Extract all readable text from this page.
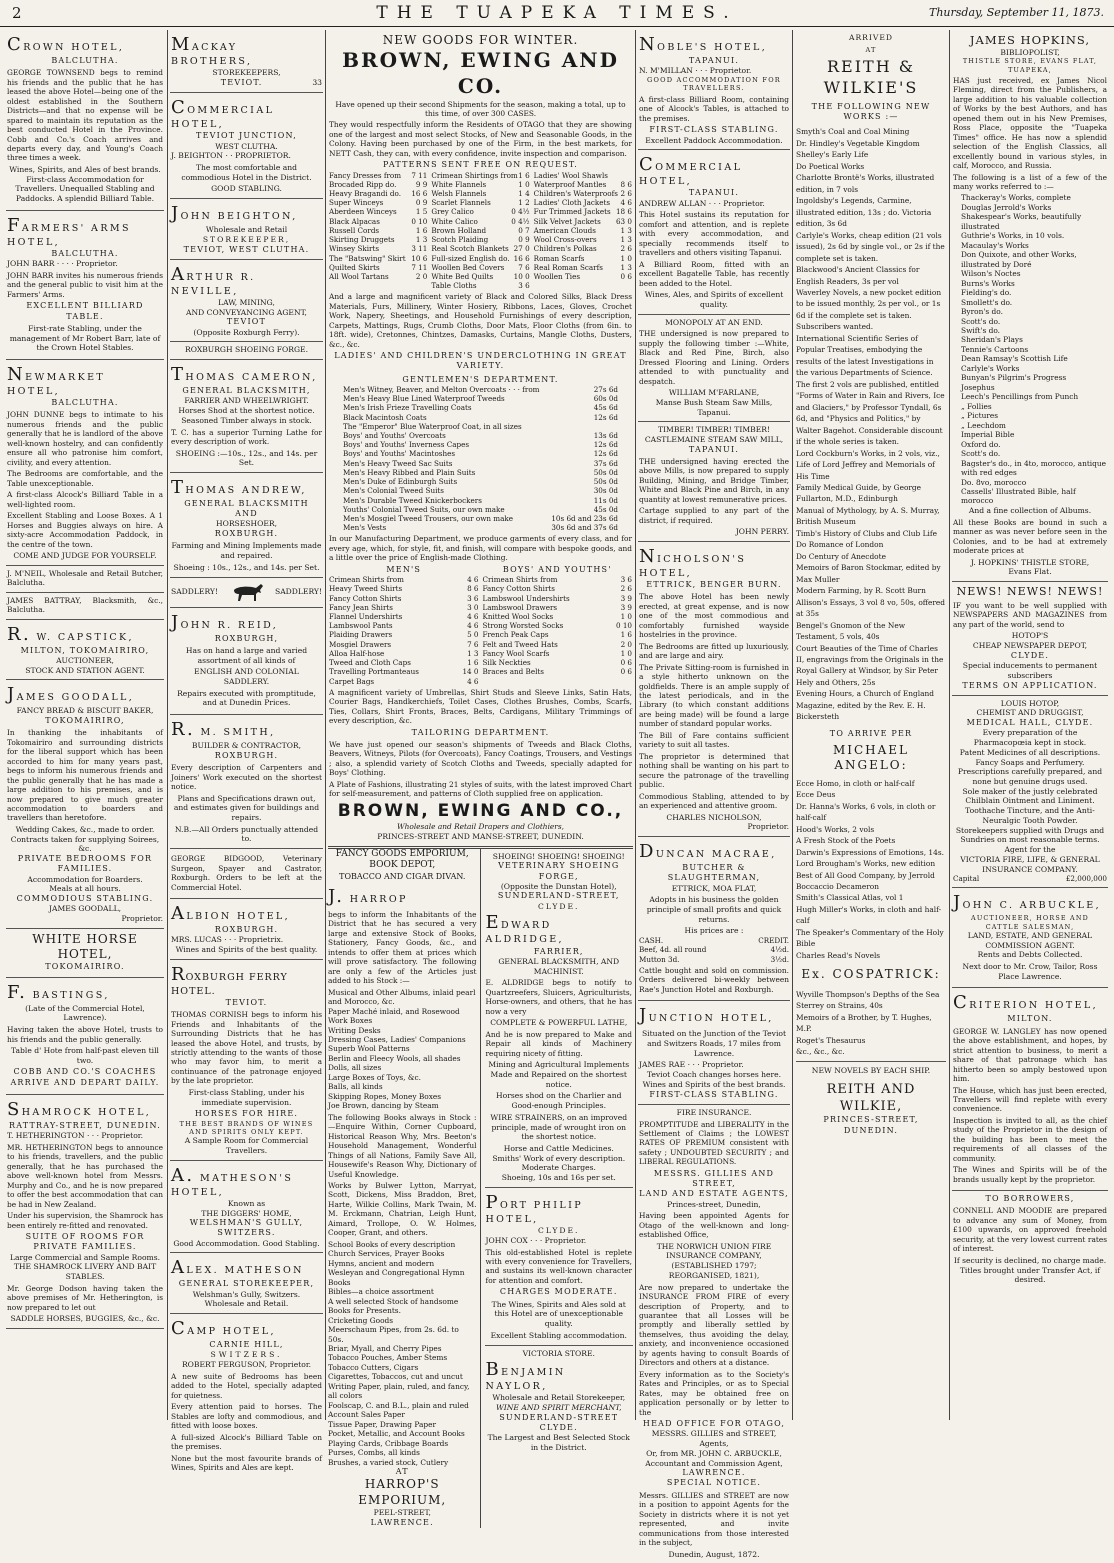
2	THE TUAPEKA TIMES.	Thursday, September 11, 1873.
CROWN HOTEL,
BALCLUTHA.

GEORGE TOWNSEND begs to remind his friends and the public that he has leased the above Hotel—being one of the oldest established in the Southern Districts—and that no expense will be spared to maintain its reputation as the best conducted Hotel in the Province. Cobb and Co.'s Coach arrives and departs every day, and Young's Coach three times a week.

Wines, Spirits, and Ales of best brands. First-class Accommodation for Travellers. Unequalled Stabling and Paddocks. A splendid Billiard Table.

FARMERS' ARMS HOTEL,
BALCLUTHA.
JOHN BARR · · · · Proprietor.

JOHN BARR invites his numerous friends and the general public to visit him at the Farmers' Arms.

EXCELLENT BILLIARD TABLE.

First-rate Stabling, under the management of Mr Robert Barr, late of the Crown Hotel Stables.

NEWMARKET HOTEL,
BALCLUTHA.

JOHN DUNNE begs to intimate to his numerous friends and the public generally that he is landlord of the above well-known hostelry, and can confidently ensure all who patronise him comfort, civility, and every attention.

The Bedrooms are comfortable, and the Table unexceptionable.

A first-class Alcock's Billiard Table in a well-lighted room.

Excellent Stabling and Loose Boxes. A 1 Horses and Buggies always on hire. A sixty-acre Accommodation Paddock, in the centre of the town.

COME AND JUDGE FOR YOURSELF.
J. M'NEIL, Wholesale and Retail Butcher, Balclutha.
JAMES BATTRAY, Blacksmith, &c., Balclutha.
R. W. CAPSTICK,
MILTON, TOKOMAIRIRO,
AUCTIONEER,
STOCK AND STATION AGENT.
JAMES GOODALL,
FANCY BREAD & BISCUIT BAKER,
TOKOMAIRIRO,

In thanking the inhabitants of Tokomairiro and surrounding districts for the liberal support which has been accorded to him for many years past, begs to inform his numerous friends and the public generally that he has made a large addition to his premises, and is now prepared to give much greater accommodation to boarders and travellers than heretofore.

Wedding Cakes, &c., made to order.
Contracts taken for supplying Soirees, &c.
PRIVATE BEDROOMS FOR FAMILIES.
Accommodation for Boarders.
Meals at all hours.
COMMODIOUS STABLING.
JAMES GOODALL,
Proprietor.
WHITE HORSE HOTEL,
TOKOMAIRIRO.
F. BASTINGS,
(Late of the Commercial Hotel, Lawrence).

Having taken the above Hotel, trusts to his friends and the public generally.

Table d' Hote from half-past eleven till two.

COBB AND CO.'S COACHES ARRIVE AND DEPART DAILY.

SHAMROCK HOTEL,
RATTRAY-STREET, DUNEDIN.
T. HETHERINGTON · · · Proprietor.

MR. HETHERINGTON begs to announce to his friends, travellers, and the public generally, that he has purchased the above well-known hotel from Messrs. Murphy and Co., and he is now prepared to offer the best accommodation that can be had in New Zealand.

Under his supervision, the Shamrock has been entirely re-fitted and renovated.

SUITE OF ROOMS FOR PRIVATE FAMILIES.
Large Commercial and Sample Rooms.
THE SHAMROCK LIVERY AND BAIT STABLES.

Mr. George Dodson having taken the above premises of Mr. Hetherington, is now prepared to let out

SADDLE HORSES, BUGGIES, &c., &c.
MACKAY BROTHERS,
STOREKEEPERS,
TEVIOT.	33
COMMERCIAL HOTEL,
TEVIOT JUNCTION,
WEST CLUTHA.
J. BEIGHTON · · PROPRIETOR.

The most comfortable and commodious Hotel in the District.

GOOD STABLING.
JOHN BEIGHTON,
Wholesale and Retail
STOREKEEPER,
TEVIOT, WEST CLUTHA.
ARTHUR R. NEVILLE,
LAW, MINING,
AND CONVEYANCING AGENT,
TEVIOT
(Opposite Roxburgh Ferry).
ROXBURGH SHOEING FORGE.
THOMAS CAMERON,
GENERAL BLACKSMITH,
FARRIER AND WHEELWRIGHT.
Horses Shod at the shortest notice.
Seasoned Timber always in stock.

T. C. has a superior Turning Lathe for every description of work.

SHOEING :—10s., 12s., and 14s. per Set.
THOMAS ANDREW,
GENERAL BLACKSMITH AND
HORSESHOER,
ROXBURGH.

Farming and Mining Implements made and repaired.

Shoeing : 10s., 12s., and 14s. per Set.
SADDLERY!	SADDLERY!
JOHN R. REID,
ROXBURGH,

Has on hand a large and varied assortment of all kinds of

ENGLISH AND COLONIAL SADDLERY.

Repairs executed with promptitude, and at Dunedin Prices.

R. M. SMITH,
BUILDER & CONTRACTOR,
ROXBURGH.

Every description of Carpenters and Joiners' Work executed on the shortest notice.

Plans and Specifications drawn out, and estimates given for buildings and repairs.

N.B.—All Orders punctually attended to.

GEORGE BIDGOOD, Veterinary Surgeon, Spayer and Castrator, Roxburgh. Orders to be left at the Commercial Hotel.

ALBION HOTEL,
ROXBURGH.
MRS. LUCAS · · · Proprietrix.
Wines and Spirits of the best quality.
ROXBURGH FERRY HOTEL.
TEVIOT.

THOMAS CORNISH begs to inform his Friends and Inhabitants of the Surrounding Districts that he has leased the above Hotel, and trusts, by strictly attending to the wants of those who may favor him, to merit a continuance of the patronage enjoyed by the late proprietor.

First-class Stabling, under his immediate supervision.

HORSES FOR HIRE.
THE BEST BRANDS OF WINES AND SPIRITS ONLY KEPT.
A Sample Room for Commercial Travellers.
A. MATHESON'S HOTEL,
Known as
THE DIGGERS' HOME,
WELSHMAN'S GULLY, SWITZERS.
Good Accommodation. Good Stabling.
ALEX. MATHESON
GENERAL STOREKEEPER,
Welshman's Gully, Switzers.
Wholesale and Retail.
CAMP HOTEL,
CARNIE HILL,
SWITZERS.
ROBERT FERGUSON, Proprietor.

A new suite of Bedrooms has been added to the Hotel, specially adapted for quietness.

Every attention paid to horses. The Stables are lofty and commodious, and fitted with loose boxes.

A full-sized Alcock's Billiard Table on the premises.

None but the most favourite brands of Wines, Spirits and Ales are kept.

NEW GOODS FOR WINTER.
BROWN, EWING AND CO.
Have opened up their second Shipments for the season, making a total, up to this time, of over 300 CASES.

They would respectfully inform the Residents of OTAGO that they are showing one of the largest and most select Stocks, of New and Seasonable Goods, in the Colony. Having been purchased by one of the Firm, in the best markets, for NETT Cash, they can, with every confidence, invite inspection and comparison.

PATTERNS SENT FREE ON REQUEST.
Fancy Dresses from 7 11
Brocaded Ripp do.	9 9
Heavy Bragandi do. 16 6
Super Winceys	0 9
Aberdeen Winceys	1 5
Black Alpacas	0 10
Russell Cords	1 6
Skirting Druggets	1 3
Winsey Skirts	3 11
The "Batswing" Skirt 10 6
Quilted Skirts	7 11
All Wool Tartans	2 0
Crimean Shirtings from 1 6
White Flannels	1 0
Welsh Flannels	1 4
Scarlet Flannels	1 2
Grey Calico	0 4½
White Calico	0 4½
Brown Holland	0 7
Scotch Plaiding	0 9
Real Scotch Blankets 27 0
Full-sized English do. 16 6
Woollen Bed Covers 7 6
White Bed Quilts	10 0
Table Cloths	3 6
Ladies' Wool Shawls
Waterproof Mantles 8 6
Children's Waterproofs 2 6
Ladies' Cloth Jackets 4 6
Fur Trimmed Jackets 18 6
Silk Velvet Jackets 63 0
American Clouds	1 3
Wool Cross-overs	1 3
Children's Polkas	2 6
Roman Scarfs	1 0
Real Roman Scarfs 1 3
Woollen Ties	0 6

And a large and magnificent variety of Black and Colored Silks, Black Dress Materials, Furs, Millinery, Winter Hosiery, Ribbons, Laces, Gloves, Crochet Work, Napery, Sheetings, and Household Furnishings of every description, Carpets, Mattings, Rugs, Crumb Cloths, Door Mats, Floor Cloths (from 6in. to 18ft. wide), Cretonnes, Chintzes, Damasks, Curtains, Mangle Cloths, Dusters, &c., &c.

LADIES' AND CHILDREN'S UNDERCLOTHING IN GREAT VARIETY.
GENTLEMEN'S DEPARTMENT.
Men's Witney, Beaver, and Melton Overcoats · · · from	27s 6d
Men's Heavy Blue Lined Waterproof Tweeds	60s 0d
Men's Irish Frieze Travelling Coats	45s 6d
Black Macintosh Coats	12s 6d
The "Emperor" Blue Waterproof Coat, in all sizes
Boys' and Youths' Overcoats	13s 6d
Boys' and Youths' Inverness Capes	12s 6d
Boys' and Youths' Macintoshes	12s 6d
Men's Heavy Tweed Sac Suits	37s 6d
Men's Heavy Ribbed and Plain Suits	50s 0d
Men's Duke of Edinburgh Suits	50s 0d
Men's Colonial Tweed Suits	30s 0d
Men's Durable Tweed Knickerbockers	11s 0d
Youths' Colonial Tweed Suits, our own make	45s 0d
Men's Mosgiel Tweed Trousers, our own make	10s 6d and 23s 6d
Men's Vests	30s 6d and 37s 6d

In our Manufacturing Department, we produce garments of every class, and for every age, which, for style, fit, and finish, will compare with bespoke goods, and a little over the price of English-made Clothing.

MEN'S
Crimean Shirts from	4 6
Heavy Tweed Shirts	8 6
Fancy Cotton Shirts	3 6
Fancy Jean Shirts	3 0
Flannel Undershirts	4 6
Lambswool Pants	4 6
Plaiding Drawers	5 0
Mosgiel Drawers	7 6
Alloa Half-hose	1 3
Tweed and Cloth Caps	1 6
Travelling Portmanteaus	14 0
Carpet Bags	4 6
BOYS' AND YOUTHS'
Crimean Shirts from	3 6
Fancy Cotton Shirts	2 6
Lambswool Undershirts	3 9
Lambswool Drawers	3 9
Knitted Wool Socks	1 0
Strong Worsted Socks	0 10
French Peak Caps	1 6
Felt and Tweed Hats	2 0
Fancy Wool Scarfs	1 0
Silk Neckties	0 6
Braces and Belts	0 6

A magnificent variety of Umbrellas, Shirt Studs and Sleeve Links, Satin Hats, Courier Bags, Handkerchiefs, Toilet Cases, Clothes Brushes, Combs, Scarfs, Ties, Collars, Shirt Fronts, Braces, Belts, Cardigans, Military Trimmings of every description, &c.

TAILORING DEPARTMENT.

We have just opened our season's shipments of Tweeds and Black Cloths, Beavers, Witneys, Pilots (for Overcoats), Fancy Coatings, Trousers, and Vestings ; also, a splendid variety of Scotch Cloths and Tweeds, specially adapted for Boys' Clothing.

A Plate of Fashions, illustrating 21 styles of suits, with the latest improved Chart for self-measurement, and patterns of Cloth supplied free on application.

BROWN, EWING AND CO.,
Wholesale and Retail Drapers and Clothiers,
PRINCES-STREET AND MANSE-STREET, DUNEDIN.
FANCY GOODS EMPORIUM,
BOOK DEPOT,
TOBACCO AND CIGAR DIVAN.
J. HARROP

begs to inform the Inhabitants of the District that he has secured a very large and extensive Stock of Books, Stationery, Fancy Goods, &c., and intends to offer them at prices which will prove satisfactory. The following are only a few of the Articles just added to his Stock :—

Musical and Other Albums, inlaid pearl and Morocco, &c.
Paper Maché inlaid, and Rosewood Work Boxes
Writing Desks
Dressing Cases, Ladies' Companions
Superb Wool Patterns
Berlin and Fleecy Wools, all shades
Dolls, all sizes
Large Boxes of Toys, &c.
Balls, all kinds
Skipping Ropes, Money Boxes
Joe Brown, dancing by Steam

The following Books always in Stock :—Enquire Within, Corner Cupboard, Historical Reason Why, Mrs. Beeton's Household Management, Wonderful Things of all Nations, Family Save All, Housewife's Reason Why, Dictionary of Useful Knowledge.

Works by Bulwer Lytton, Marryat, Scott, Dickens, Miss Braddon, Bret, Harte, Wilkie Collins, Mark Twain, M. M. Erckmann, Chatrian, Leigh Hunt, Aimard, Trollope, O. W. Holmes, Cooper, Grant, and others.

School Books of every description
Church Services, Prayer Books
Hymns, ancient and modern
Wesleyan and Congregational Hymn Books
Bibles—a choice assortment
A well selected Stock of handsome Books for Presents.
Cricketing Goods
Meerschaum Pipes, from 2s. 6d. to 50s.
Briar, Myall, and Cherry Pipes
Tobacco Pouches, Amber Stems
Tobacco Cutters, Cigars
Cigarettes, Tobaccos, cut and uncut
Writing Paper, plain, ruled, and fancy, all colors
Foolscap, C. and B.L., plain and ruled
Account Sales Paper
Tissue Paper, Drawing Paper
Pocket, Metallic, and Account Books
Playing Cards, Cribbage Boards
Purses, Combs, all kinds
Brushes, a varied stock, Cutlery
AT
HARROP'S EMPORIUM,
PEEL-STREET,
LAWRENCE.
SHOEING! SHOEING! SHOEING!
VETERINARY SHOEING FORGE,
(Opposite the Dunstan Hotel),
SUNDERLAND-STREET,
CLYDE.
EDWARD ALDRIDGE,
FARRIER,
GENERAL BLACKSMITH, AND
MACHINIST.

E. ALDRIDGE begs to notify to Quartzreefers, Sluicers, Agriculturists, Horse-owners, and others, that he has now a very

COMPLETE & POWERFUL LATHE,

And he is now prepared to Make and Repair all kinds of Machinery requiring nicety of fitting.

Mining and Agricultural Implements Made and Repaired on the shortest notice.

Horses shod on the Charlier and Good-enough Principles.

WIRE STRAINERS, on an improved principle, made of wrought iron on the shortest notice.

Horse and Cattle Medicines.
Smiths' Work of every description.
Moderate Charges.
Shoeing, 10s and 16s per set.
PORT PHILIP HOTEL,
CLYDE.
JOHN COX · · · Proprietor.

This old-established Hotel is replete with every convenience for Travellers, and sustains its well-known character for attention and comfort.

CHARGES MODERATE.

The Wines, Spirits and Ales sold at this Hotel are of unexceptionable quality.

Excellent Stabling accommodation.
VICTORIA STORE.
BENJAMIN NAYLOR,
Wholesale and Retail Storekeeper,
WINE AND SPIRIT MERCHANT,
SUNDERLAND-STREET CLYDE.
The Largest and Best Selected Stock in the District.
NOBLE'S HOTEL,
TAPANUI.
N. M'MILLAN · · · Proprietor.
GOOD ACCOMMODATION FOR TRAVELLERS.

A first-class Billiard Room, containing one of Alcock's Tables, is attached to the premises.

FIRST-CLASS STABLING.
Excellent Paddock Accommodation.
COMMERCIAL HOTEL,
TAPANUI.
ANDREW ALLAN · · · Proprietor.

This Hotel sustains its reputation for comfort and attention, and is replete with every accommodation, and specially recommends itself to travellers and others visiting Tapanui.

A Billiard Room, fitted with an excellent Bagatelle Table, has recently been added to the Hotel.

Wines, Ales, and Spirits of excellent quality.
MONOPOLY AT AN END.

THE undersigned is now prepared to supply the following timber :—White, Black and Red Pine, Birch, also Dressed Flooring and Lining. Orders attended to with punctuality and despatch.

WILLIAM M'FARLANE,
Manse Bush Steam Saw Mills, Tapanui.
TIMBER! TIMBER! TIMBER!
CASTLEMAINE STEAM SAW MILL,
TAPANUI.

THE undersigned having erected the above Mills, is now prepared to supply Building, Mining, and Bridge Timber, White and Black Pine and Birch, in any quantity at lowest remunerative prices.

Cartage supplied to any part of the district, if required.

JOHN PERRY.
NICHOLSON'S HOTEL,
ETTRICK, BENGER BURN.

The above Hotel has been newly erected, at great expense, and is now one of the most commodious and comfortably furnished wayside hostelries in the province.

The Bedrooms are fitted up luxuriously, and are large and airy.

The Private Sitting-room is furnished in a style hitherto unknown on the goldfields. There is an ample supply of the latest periodicals, and in the Library (to which constant additions are being made) will be found a large number of standard popular works.

The Bill of Fare contains sufficient variety to suit all tastes.

The proprietor is determined that nothing shall be wanting on his part to secure the patronage of the travelling public.

Commodious Stabling, attended to by an experienced and attentive groom.

CHARLES NICHOLSON,
Proprietor.
DUNCAN MACRAE,
BUTCHER & SLAUGHTERMAN,
ETTRICK, MOA FLAT,

Adopts in his business the golden principle of small profits and quick returns.

His prices are :
CASH.	CREDIT.
Beef, 4d. all round	4½d.
Mutton 3d.	3½d.

Cattle bought and sold on commission. Orders delivered bi-weekly between Rae's Junction Hotel and Roxburgh.

JUNCTION HOTEL,

Situated on the Junction of the Teviot and Switzers Roads, 17 miles from Lawrence.

JAMES RAE · · · Proprietor.
Teviot Coach changes horses here.
Wines and Spirits of the best brands.
FIRST-CLASS STABLING.
FIRE INSURANCE.

PROMPTITUDE and LIBERALITY in the Settlement of Claims ; the LOWEST RATES OF PREMIUM consistent with safety ; UNDOUBTED SECURITY ; and LIBERAL REGULATIONS.

MESSRS. GILLIES AND STREET,
LAND AND ESTATE AGENTS,
Princes-street, Dunedin,

Having been appointed Agents for Otago of the well-known and long-established Office,

THE NORWICH UNION FIRE INSURANCE COMPANY,
(ESTABLISHED 1797; REORGANISED, 1821),

Are now prepared to undertake the INSURANCE FROM FIRE of every description of Property, and to guarantee that all Losses will be promptly and liberally settled by themselves, thus avoiding the delay, anxiety, and inconvenience occasioned by agents having to consult Boards of Directors and others at a distance.

Every information as to the Society's Rates and Principles, or as to Special Rates, may be obtained free on application personally or by letter to the

HEAD OFFICE FOR OTAGO,
MESSRS. GILLIES and STREET, Agents,
Or, from MR. JOHN C. ARBUCKLE,
Accountant and Commission Agent,
LAWRENCE.
SPECIAL NOTICE.

Messrs. GILLIES and STREET are now in a position to appoint Agents for the Society in districts where it is not yet represented, and invite communications from those interested in the subject,

Dunedin, August, 1872.
ARRIVED
AT
REITH & WILKIE'S
THE FOLLOWING NEW WORKS :—
Smyth's Coal and Coal Mining
Dr. Hindley's Vegetable Kingdom
Shelley's Early Life
Do Poetical Works
Charlotte Brontë's Works, illustrated edition, in 7 vols
Ingoldsby's Legends, Carmine, illustrated edition, 13s ; do. Victoria edition, 3s 6d
Carlyle's Works, cheap edition (21 vols issued), 2s 6d by single vol., or 2s if the complete set is taken.
Blackwood's Ancient Classics for English Readers, 3s per vol
Waverley Novels, a new pocket edition to be issued monthly, 2s per vol., or 1s 6d if the complete set is taken. Subscribers wanted.
International Scientific Series of Popular Treatises, embodying the results of the latest Investigations in the various Departments of Science. The first 2 vols are published, entitled "Forms of Water in Rain and Rivers, Ice and Glaciers," by Professor Tyndall, 6s 6d, and "Physics and Politics," by Walter Bagehot. Considerable discount if the whole series is taken.
Lord Cockburn's Works, in 2 vols, viz., Life of Lord Jeffrey and Memorials of His Time
Family Medical Guide, by George Fullarton, M.D., Edinburgh
Manual of Mythology, by A. S. Murray, British Museum
Timb's History of Clubs and Club Life
Do Romance of London
Do Century of Anecdote
Memoirs of Baron Stockmar, edited by Max Muller
Modern Farming, by R. Scott Burn
Allison's Essays, 3 vol 8 vo, 50s, offered at 35s
Bengel's Gnomon of the New Testament, 5 vols, 40s
Court Beauties of the Time of Charles II, engravings from the Originals in the Royal Gallery at Windsor, by Sir Peter Hely and Others, 25s
Evening Hours, a Church of England Magazine, edited by the Rev. E. H. Bickersteth
TO ARRIVE PER
MICHAEL ANGELO:
Ecce Homo, in cloth or half-calf
Ecce Deus
Dr. Hanna's Works, 6 vols, in cloth or half-calf
Hood's Works, 2 vols
A Fresh Stock of the Poets
Darwin's Expressions of Emotions, 14s.
Lord Brougham's Works, new edition
Best of All Good Company, by Jerrold
Boccaccio Decameron
Smith's Classical Atlas, vol 1
Hugh Miller's Works, in cloth and half-calf
The Speaker's Commentary of the Holy Bible
Charles Read's Novels
Ex. COSPATRICK:
Wyville Thompson's Depths of the Sea
Sterrey on Strains, 40s
Memoirs of a Brother, by T. Hughes, M.P.
Roget's Thesaurus
&c., &c., &c.
NEW NOVELS BY EACH SHIP.
REITH AND WILKIE,
PRINCES-STREET, DUNEDIN.
JAMES HOPKINS,
BIBLIOPOLIST,
THISTLE STORE, EVANS FLAT, TUAPEKA,

HAS just received, ex James Nicol Fleming, direct from the Publishers, a large addition to his valuable collection of Works by the best Authors, and has opened them out in his New Premises, Ross Place, opposite the "Tuapeka Times" office. He has now a splendid selection of the English Classics, all excellently bound in various styles, in calf, Morocco, and Russia.

The following is a list of a few of the many works referred to :—

Thackeray's Works, complete
Douglas Jerrold's Works
Shakespear's Works, beautifully illustrated
Guthrie's Works, in 10 vols.
Macaulay's Works
Don Quixote, and other Works, illustrated by Doré
Wilson's Noctes
Burns's Works
Fielding's do.
Smollett's do.
Byron's do.
Scott's do.
Swift's do.
Sheridan's Plays
Tennie's Cartoons
Dean Ramsay's Scottish Life
Carlyle's Works
Bunyan's Pilgrim's Progress
Josephus
Leech's Pencillings from Punch
„ Follies
„ Pictures
„ Leechdom
Imperial Bible
Oxford do.
Scott's do.
Bagster's do., in 4to, morocco, antique with red edges
Do. 8vo, morocco
Cassells' Illustrated Bible, half morocco
And a fine collection of Albums.

All these Books are bound in such a manner as was never before seen in the Colonies, and to be had at extremely moderate prices at

J. HOPKINS' THISTLE STORE,
Evans Flat.
NEWS! NEWS! NEWS!

IF you want to be well supplied with NEWSPAPERS AND MAGAZINES from any part of the world, send to

HOTOP'S
CHEAP NEWSPAPER DEPOT,
CLYDE.
Special inducements to permanent subscribers
TERMS ON APPLICATION.
LOUIS HOTOP,
CHEMIST AND DRUGGIST,
MEDICAL HALL, CLYDE.
Every preparation of the Pharmacopœia kept in stock.
Patent Medicines of all descriptions.
Fancy Soaps and Perfumery.
Prescriptions carefully prepared, and none but genuine drugs used.
Sole maker of the justly celebrated Chilblain Ointment and Liniment.
Toothache Tincture, and the Anti-Neuralgic Tooth Powder.
Storekeepers supplied with Drugs and Sundries on most reasonable terms.
Agent for the
VICTORIA FIRE, LIFE, & GENERAL INSURANCE COMPANY.
Capital	£2,000,000
JOHN C. ARBUCKLE,
AUCTIONEER, HORSE AND CATTLE SALESMAN,
LAND, ESTATE, AND GENERAL COMMISSION AGENT.
Rents and Debts Collected.

Next door to Mr. Crow, Tailor, Ross Place Lawrence.

CRITERION HOTEL,
MILTON.

GEORGE W. LANGLEY has now opened the above establishment, and hopes, by strict attention to business, to merit a share of that patronage which has hitherto been so amply bestowed upon him.

The House, which has just been erected, Travellers will find replete with every convenience.

Inspection is invited to all, as the chief study of the Proprietor in the design of the building has been to meet the requirements of all classes of the community.

The Wines and Spirits will be of the brands usually kept by the proprietor.

TO BORROWERS,

CONNELL AND MOODIE are prepared to advance any sum of Money, from £100 upwards, on approved freehold security, at the very lowest current rates of interest.

If security is declined, no charge made.
Titles brought under Transfer Act, if desired.
